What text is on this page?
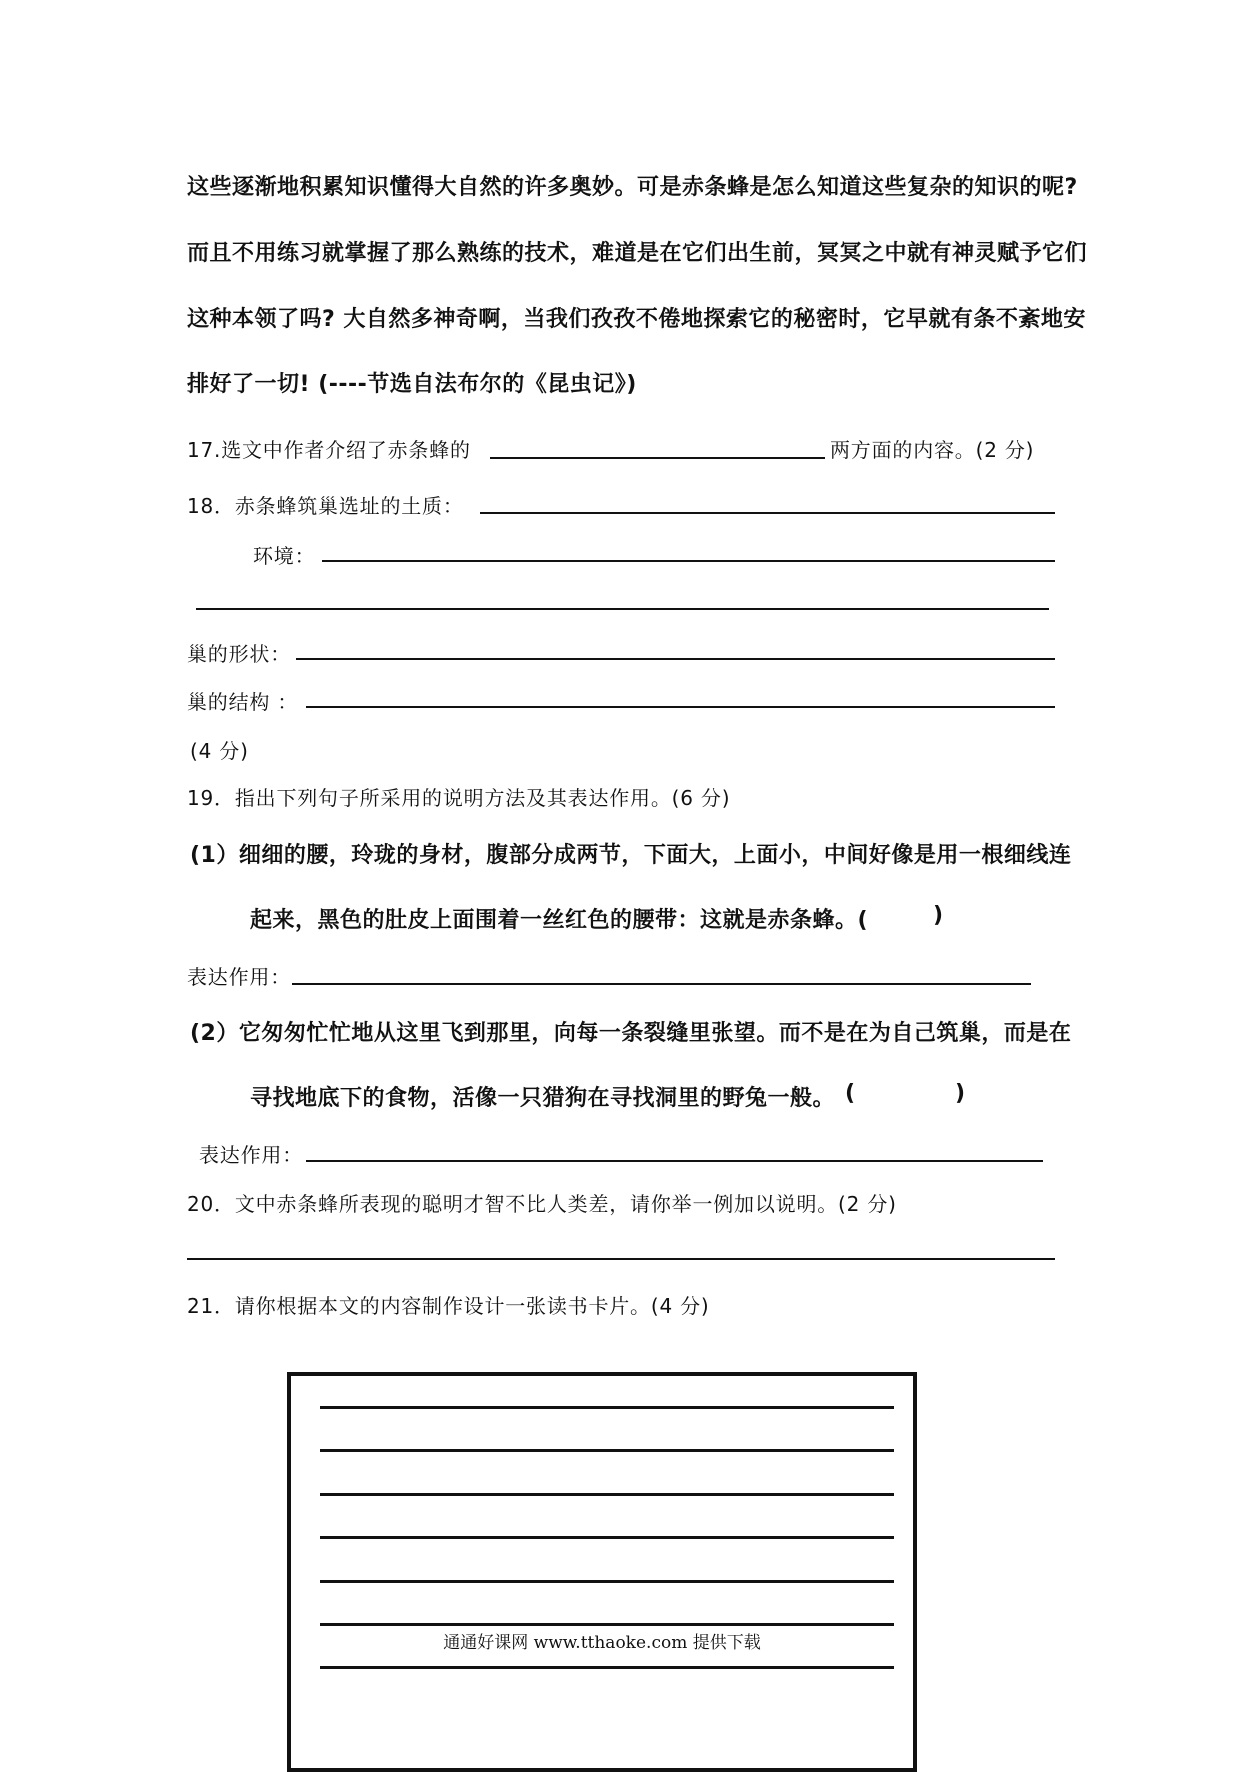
这些逐渐地积累知识懂得大自然的许多奥妙。可是赤条蜂是怎么知道这些复杂的知识的呢?
而且不用练习就掌握了那么熟练的技术，难道是在它们出生前，冥冥之中就有神灵赋予它们
这种本领了吗? 大自然多神奇啊，当我们孜孜不倦地探索它的秘密时，它早就有条不紊地安
排好了一切! (----节选自法布尔的《昆虫记》)
17.选文中作者介绍了赤条蜂的	两方面的内容。(2 分)
18．赤条蜂筑巢选址的土质：
环境：
巢的形状：
巢的结构 ：
(4 分)
19．指出下列句子所采用的说明方法及其表达作用。(6 分)
(1）细细的腰，玲珑的身材，腹部分成两节，下面大，上面小，中间好像是用一根细线连
起来，黑色的肚皮上面围着一丝红色的腰带：这就是赤条蜂。(	)
表达作用：
(2）它匆匆忙忙地从这里飞到那里，向每一条裂缝里张望。而不是在为自己筑巢，而是在
寻找地底下的食物，活像一只猎狗在寻找洞里的野兔一般。 (	)
表达作用：
20．文中赤条蜂所表现的聪明才智不比人类差，请你举一例加以说明。(2 分)
21．请你根据本文的内容制作设计一张读书卡片。(4 分)
通通好课网 www.tthaoke.com 提供下载
